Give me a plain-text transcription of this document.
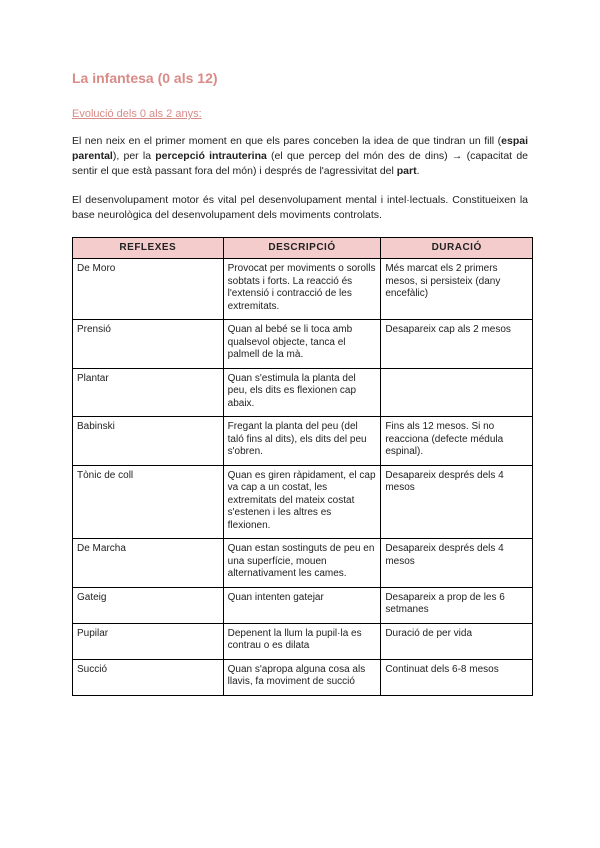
La infantesa (0 als 12)
Evolució dels 0 als 2 anys:

El nen neix en el primer moment en que els pares conceben la idea de que tindran un fill (espai parental), per la percepció intrauterina (el que percep del món des de dins) → (capacitat de sentir el que està passant fora del món) i després de l'agressivitat del part.

El desenvolupament motor és vital pel desenvolupament mental i intel·lectuals. Constitueixen la base neurològica del desenvolupament dels moviments controlats.

REFLEXES	DESCRIPCIÓ	DURACIÓ
De Moro	Provocat per moviments o sorolls sobtats i forts. La reacció és l'extensió i contracció de les extremitats.	Més marcat els 2 primers mesos, si persisteix (dany encefàlic)
Prensió	Quan al bebé se li toca amb qualsevol objecte, tanca el palmell de la mà.	Desapareix cap als 2 mesos
Plantar	Quan s'estimula la planta del peu, els dits es flexionen cap abaix.	
Babinski	Fregant la planta del peu (del taló fins al dits), els dits del peu s'obren.	Fins als 12 mesos. Si no reacciona (defecte médula espinal).
Tònic de coll	Quan es giren ràpidament, el cap va cap a un costat, les extremitats del mateix costat s'estenen i les altres es flexionen.	Desapareix després dels 4 mesos
De Marcha	Quan estan sostinguts de peu en una superfície, mouen alternativament les cames.	Desapareix després dels 4 mesos
Gateig	Quan intenten gatejar	Desapareix a prop de les 6 setmanes
Pupilar	Depenent la llum la pupil·la es contrau o es dilata	Duració de per vida
Succió	Quan s'apropa alguna cosa als llavis, fa moviment de succió	Continuat dels 6-8 mesos
